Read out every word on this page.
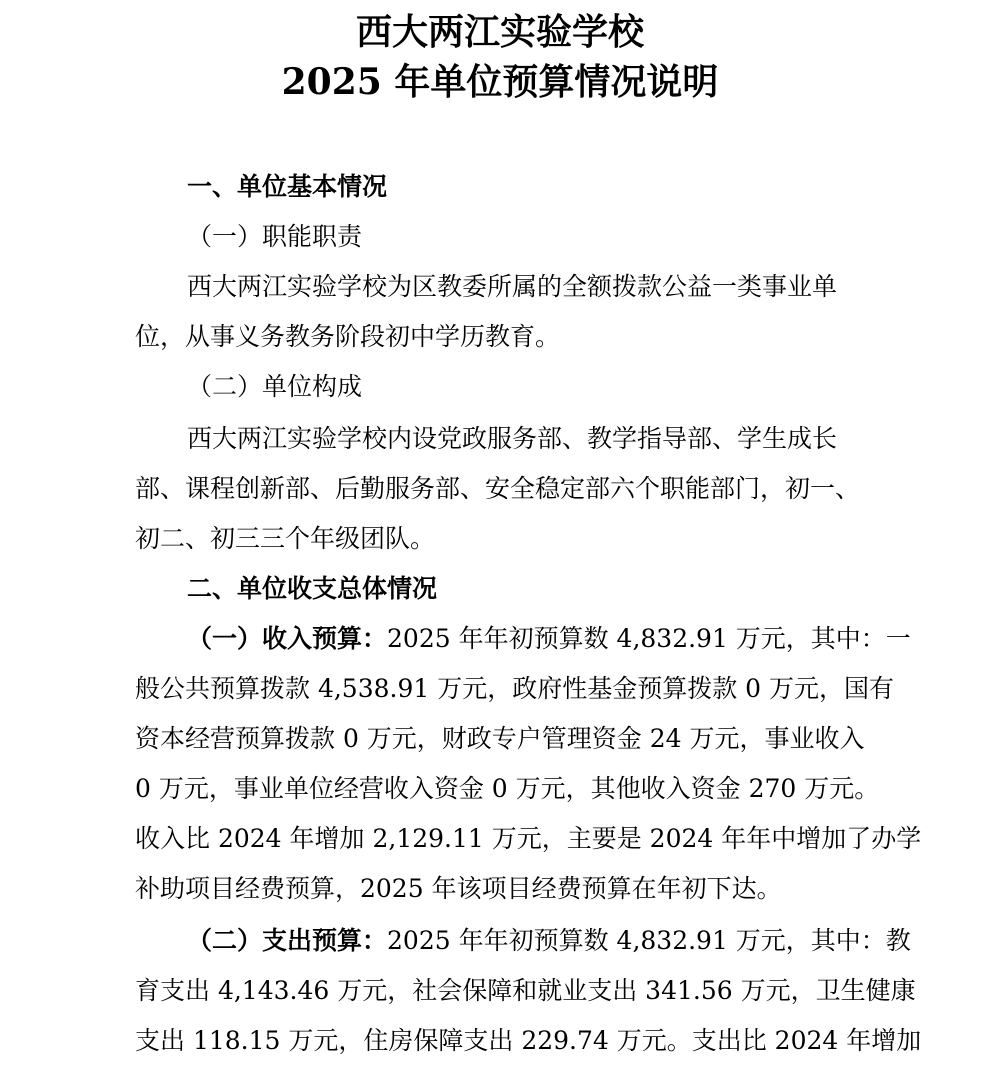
西大两江实验学校
2025 年单位预算情况说明
一、单位基本情况
（一）职能职责
西大两江实验学校为区教委所属的全额拨款公益一类事业单
位，从事义务教务阶段初中学历教育。
（二）单位构成
西大两江实验学校内设党政服务部、教学指导部、学生成长
部、课程创新部、后勤服务部、安全稳定部六个职能部门，初一、
初二、初三三个年级团队。
二、单位收支总体情况
（一）收入预算：2025 年年初预算数 4,832.91 万元，其中：一
般公共预算拨款 4,538.91 万元，政府性基金预算拨款 0 万元，国有
资本经营预算拨款 0 万元，财政专户管理资金 24 万元，事业收入
0 万元，事业单位经营收入资金 0 万元，其他收入资金 270 万元。
收入比 2024 年增加 2,129.11 万元，主要是 2024 年年中增加了办学
补助项目经费预算，2025 年该项目经费预算在年初下达。
（二）支出预算：2025 年年初预算数 4,832.91 万元，其中：教
育支出 4,143.46 万元，社会保障和就业支出 341.56 万元，卫生健康
支出 118.15 万元，住房保障支出 229.74 万元。支出比 2024 年增加
